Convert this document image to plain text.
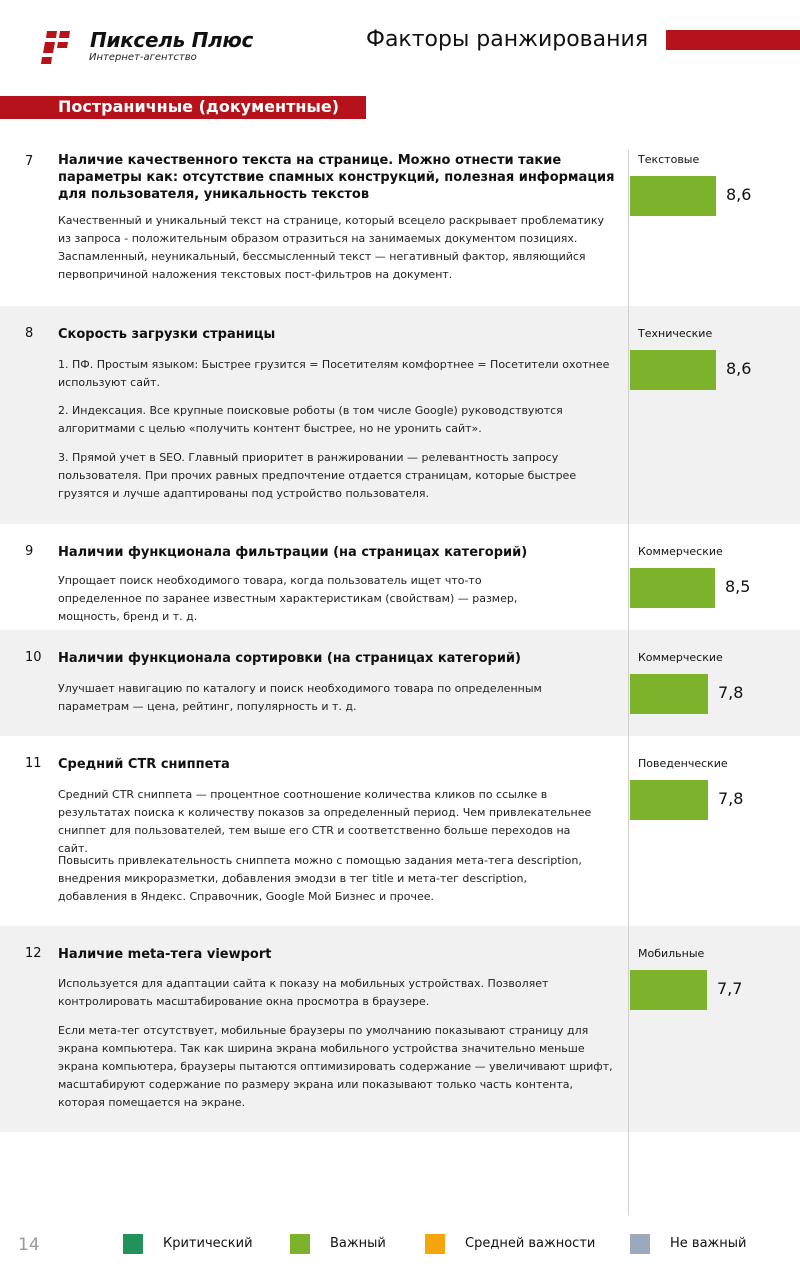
Пиксель Плюс
Интернет-агентство
Факторы ранжирования
Постраничные (документные)
7 Наличие качественного текста на странице. Можно отнести такие параметры как: отсутствие спамных конструкций, полезная информация для пользователя, уникальность текстов
Качественный и уникальный текст на странице, который всецело раскрывает проблематику из запроса - положительным образом отразиться на занимаемых документом позициях. Заспамленный, неуникальный, бессмысленный текст — негативный фактор, являющийся первопричиной наложения текстовых пост-фильтров на документ.
Текстовые
8,6
8 Скорость загрузки страницы
1. ПФ. Простым языком: Быстрее грузится = Посетителям комфортнее = Посетители охотнее используют сайт.
2. Индексация. Все крупные поисковые роботы (в том числе Google) руководствуются алгоритмами с целью «получить контент быстрее, но не уронить сайт».
3. Прямой учет в SEO. Главный приоритет в ранжировании — релевантность запросу пользователя. При прочих равных предпочтение отдается страницам, которые быстрее грузятся и лучше адаптированы под устройство пользователя.
Технические
8,6
9 Наличии функционала фильтрации (на страницах категорий)
Упрощает поиск необходимого товара, когда пользователь ищет что-то определенное по заранее известным характеристикам (свойствам) — размер, мощность, бренд и т. д.
Коммерческие
8,5
10 Наличии функционала сортировки (на страницах категорий)
Улучшает навигацию по каталогу и поиск необходимого товара по определенным параметрам — цена, рейтинг, популярность и т. д.
Коммерческие
7,8
11 Средний CTR сниппета
Средний CTR сниппета — процентное соотношение количества кликов по ссылке в результатах поиска к количеству показов за определенный период. Чем привлекательнее сниппет для пользователей, тем выше его CTR и соответственно больше переходов на сайт.
Повысить привлекательность сниппета можно с помощью задания мета-тега description, внедрения микроразметки, добавления эмодзи в тег title и мета-тег description, добавления в Яндекс. Справочник, Google Мой Бизнес и прочее.
Поведенческие
7,8
12 Наличие meta-тега viewport
Используется для адаптации сайта к показу на мобильных устройствах. Позволяет контролировать масштабирование окна просмотра в браузере.
Если мета-тег отсутствует, мобильные браузеры по умолчанию показывают страницу для экрана компьютера. Так как ширина экрана мобильного устройства значительно меньше экрана компьютера, браузеры пытаются оптимизировать содержание — увеличивают шрифт, масштабируют содержание по размеру экрана или показывают только часть контента, которая помещается на экране.
Мобильные
7,7
14	Критический	Важный	Средней важности	Не важный
